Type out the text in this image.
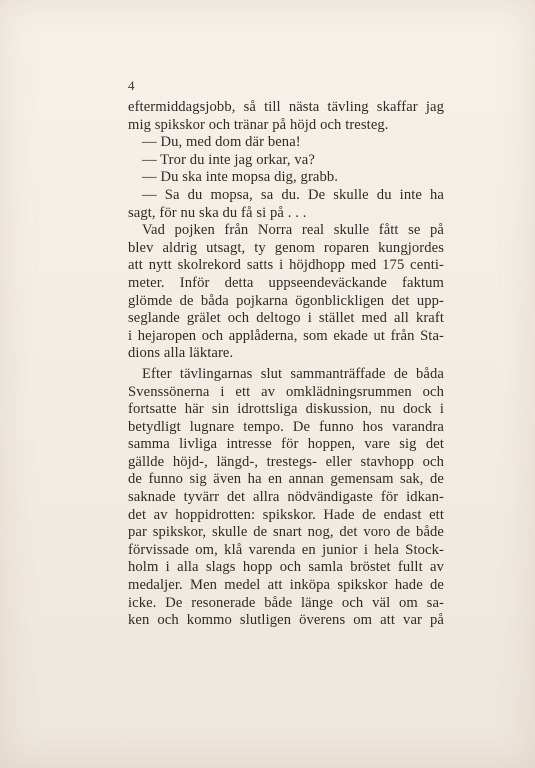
4
eftermiddagsjobb, så till nästa tävling skaffar jag
mig spikskor och tränar på höjd och tresteg.
— Du, med dom där bena!
— Tror du inte jag orkar, va?
— Du ska inte mopsa dig, grabb.
— Sa du mopsa, sa du. De skulle du inte ha
sagt, för nu ska du få si på . . .
Vad pojken från Norra real skulle fått se på
blev aldrig utsagt, ty genom roparen kungjordes
att nytt skolrekord satts i höjdhopp med 175 centi-
meter. Inför detta uppseendeväckande faktum
glömde de båda pojkarna ögonblickligen det upp-
seglande grälet och deltogo i stället med all kraft
i hejaropen och applåderna, som ekade ut från Sta-
dions alla läktare.
Efter tävlingarnas slut sammanträffade de båda
Svenssönerna i ett av omklädningsrummen och
fortsatte här sin idrottsliga diskussion, nu dock i
betydligt lugnare tempo. De funno hos varandra
samma livliga intresse för hoppen, vare sig det
gällde höjd-, längd-, trestegs- eller stavhopp och
de funno sig även ha en annan gemensam sak, de
saknade tyvärr det allra nödvändigaste för idkan-
det av hoppidrotten: spikskor. Hade de endast ett
par spikskor, skulle de snart nog, det voro de både
förvissade om, klå varenda en junior i hela Stock-
holm i alla slags hopp och samla bröstet fullt av
medaljer. Men medel att inköpa spikskor hade de
icke. De resonerade både länge och väl om sa-
ken och kommo slutligen överens om att var på
